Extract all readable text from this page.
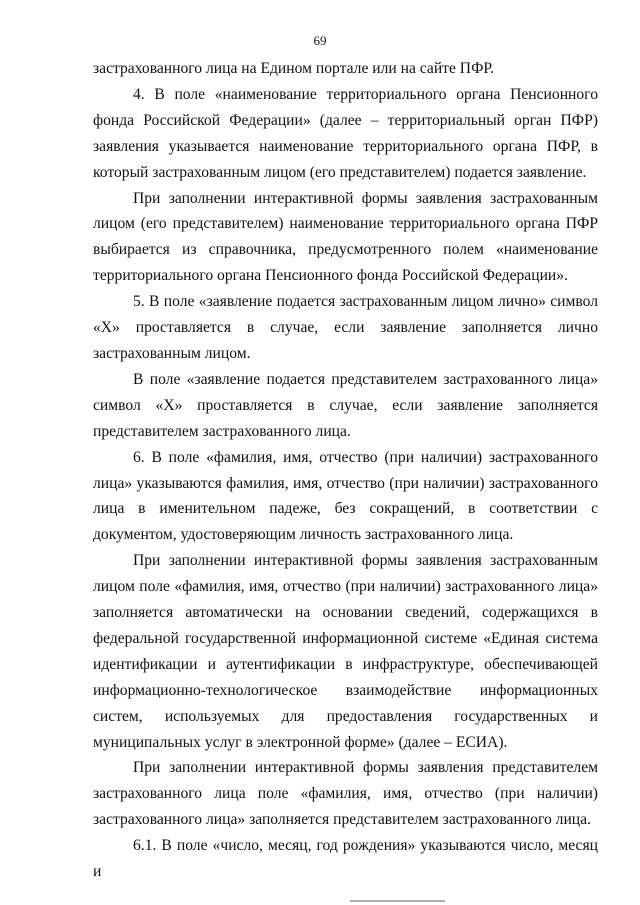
69

застрахованного лица на Едином портале или на сайте ПФР.

4. В поле «наименование территориального органа Пенсионного фонда Российской Федерации» (далее – территориальный орган ПФР) заявления указывается наименование территориального органа ПФР, в который застрахованным лицом (его представителем) подается заявление.

При заполнении интерактивной формы заявления застрахованным лицом (его представителем) наименование территориального органа ПФР выбирается из справочника, предусмотренного полем «наименование территориального органа Пенсионного фонда Российской Федерации».

5. В поле «заявление подается застрахованным лицом лично» символ «Х» проставляется в случае, если заявление заполняется лично застрахованным лицом.

В поле «заявление подается представителем застрахованного лица» символ «Х» проставляется в случае, если заявление заполняется представителем застрахованного лица.

6. В поле «фамилия, имя, отчество (при наличии) застрахованного лица» указываются фамилия, имя, отчество (при наличии) застрахованного лица в именительном падеже, без сокращений, в соответствии с документом, удостоверяющим личность застрахованного лица.

При заполнении интерактивной формы заявления застрахованным лицом поле «фамилия, имя, отчество (при наличии) застрахованного лица» заполняется автоматически на основании сведений, содержащихся в федеральной государственной информационной системе «Единая система идентификации и аутентификации в инфраструктуре, обеспечивающей информационно-технологическое взаимодействие информационных систем, используемых для предоставления государственных и муниципальных услуг в электронной форме» (далее – ЕСИА).

При заполнении интерактивной формы заявления представителем застрахованного лица поле «фамилия, имя, отчество (при наличии) застрахованного лица» заполняется представителем застрахованного лица.

6.1. В поле «число, месяц, год рождения» указываются число, месяц и
